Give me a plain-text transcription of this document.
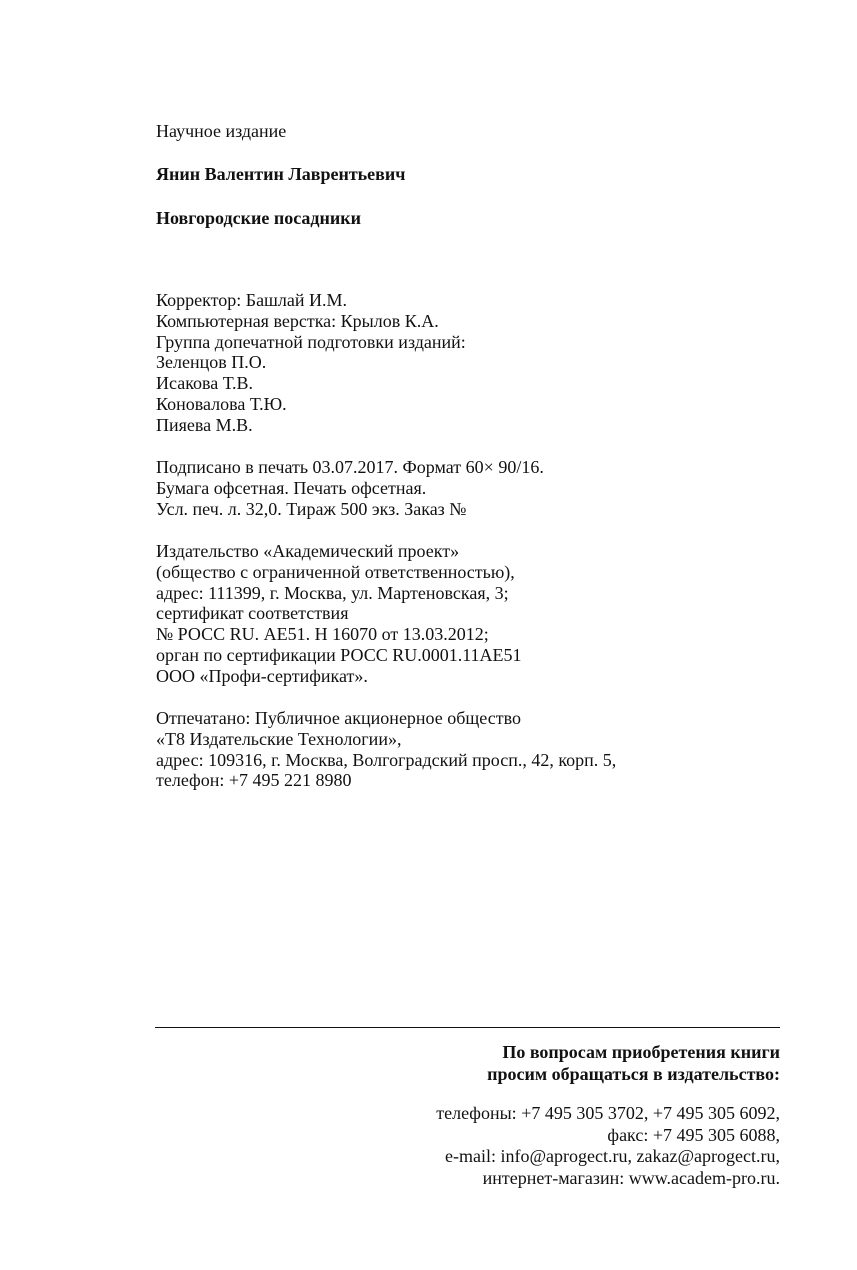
Научное издание
Янин Валентин Лаврентьевич
Новгородские посадники
Корректор: Башлай И.М.
Компьютерная верстка: Крылов К.А.
Группа допечатной подготовки изданий:
Зеленцов П.О.
Исакова Т.В.
Коновалова Т.Ю.
Пияева М.В.
Подписано в печать 03.07.2017. Формат 60× 90/16.
Бумага офсетная. Печать офсетная.
Усл. печ. л. 32,0. Тираж 500 экз. Заказ №
Издательство «Академический проект»
(общество с ограниченной ответственностью),
адрес: 111399, г. Москва, ул. Мартеновская, 3;
сертификат соответствия
№ РОСС RU. АЕ51. Н 16070 от 13.03.2012;
орган по сертификации РОСС RU.0001.11АЕ51
ООО «Профи-сертификат».
Отпечатано: Публичное акционерное общество
«Т8 Издательские Технологии»,
адрес: 109316, г. Москва, Волгоградский просп., 42, корп. 5,
телефон: +7 495 221 8980
По вопросам приобретения книги
просим обращаться в издательство:
телефоны: +7 495 305 3702, +7 495 305 6092,
факс: +7 495 305 6088,
e-mail: info@aprogect.ru, zakaz@aprogect.ru,
интернет-магазин: www.academ-pro.ru.
